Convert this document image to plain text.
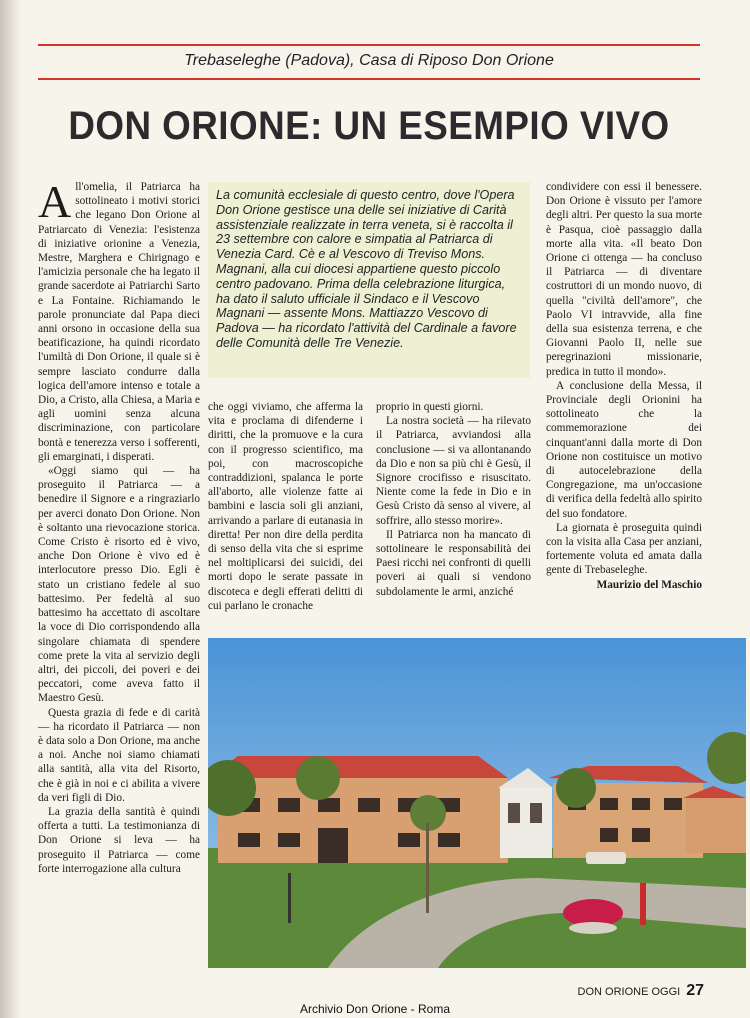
Trebaseleghe (Padova), Casa di Riposo Don Orione
DON ORIONE: UN ESEMPIO VIVO

All'omelia, il Patriarca ha sottolineato i motivi storici che legano Don Orione al Patriarcato di Venezia: l'esistenza di iniziative orionine a Venezia, Mestre, Marghera e Chirignago e l'amicizia personale che ha legato il grande sacerdote ai Patriarchi Sarto e La Fontaine. Richiamando le parole pronunciate dal Papa dieci anni orsono in occasione della sua beatificazione, ha quindi ricordato l'umiltà di Don Orione, il quale si è sempre lasciato condurre dalla logica dell'amore intenso e totale a Dio, a Cristo, alla Chiesa, a Maria e agli uomini senza alcuna discriminazione, con particolare bontà e tenerezza verso i sofferenti, gli emarginati, i disperati.

«Oggi siamo qui — ha proseguito il Patriarca — a benedire il Signore e a ringraziarlo per averci donato Don Orione. Non è soltanto una rievocazione storica. Come Cristo è risorto ed è vivo, anche Don Orione è vivo ed è interlocutore presso Dio. Egli è stato un cristiano fedele al suo battesimo. Per fedeltà al suo battesimo ha accettato di ascoltare la voce di Dio corrispondendo alla singolare chiamata di spendere come prete la vita al servizio degli altri, dei piccoli, dei poveri e dei peccatori, come aveva fatto il Maestro Gesù.

Questa grazia di fede e di carità — ha ricordato il Patriarca — non è data solo a Don Orione, ma anche a noi. Anche noi siamo chiamati alla santità, alla vita del Risorto, che è già in noi e ci abilita a vivere da veri figli di Dio.

La grazia della santità è quindi offerta a tutti. La testimonianza di Don Orione si leva — ha proseguito il Patriarca — come forte interrogazione alla cultura

La comunità ecclesiale di questo centro, dove l'Opera Don Orione gestisce una delle sei iniziative di Carità assistenziale realizzate in terra veneta, si è raccolta il 23 settembre con calore e simpatia al Patriarca di Venezia Card. Cè e al Vescovo di Treviso Mons. Magnani, alla cui diocesi appartiene questo piccolo centro padovano. Prima della celebrazione liturgica, ha dato il saluto ufficiale il Sindaco e il Vescovo Magnani — assente Mons. Mattiazzo Vescovo di Padova — ha ricordato l'attività del Cardinale a favore delle Comunità delle Tre Venezie.

che oggi viviamo, che afferma la vita e proclama di difenderne i diritti, che la promuove e la cura con il progresso scientifico, ma poi, con macroscopiche contraddizioni, spalanca le porte all'aborto, alle violenze fatte ai bambini e lascia soli gli anziani, arrivando a parlare di eutanasia in diretta! Per non dire della perdita di senso della vita che si esprime nel moltiplicarsi dei suicidi, dei morti dopo le serate passate in discoteca e degli efferati delitti di cui parlano le cronache

proprio in questi giorni.

La nostra società — ha rilevato il Patriarca, avviandosi alla conclusione — si va allontanando da Dio e non sa più chi è Gesù, il Signore crocifisso e risuscitato. Niente come la fede in Dio e in Gesù Cristo dà senso al vivere, al soffrire, allo stesso morire».

Il Patriarca non ha mancato di sottolineare le responsabilità dei Paesi ricchi nei confronti di quelli poveri ai quali si vendono subdolamente le armi, anziché

condividere con essi il benessere. Don Orione è vissuto per l'amore degli altri. Per questo la sua morte è Pasqua, cioè passaggio dalla morte alla vita. «Il beato Don Orione ci ottenga — ha concluso il Patriarca — di diventare costruttori di un mondo nuovo, di quella "civiltà dell'amore", che Paolo VI intravvide, alla fine della sua esistenza terrena, e che Giovanni Paolo II, nelle sue peregrinazioni missionarie, predica in tutto il mondo».

A conclusione della Messa, il Provinciale degli Orionini ha sottolineato che la commemorazione dei cinquant'anni dalla morte di Don Orione non costituisce un motivo di autocelebrazione della Congregazione, ma un'occasione di verifica della fedeltà allo spirito del suo fondatore.

La giornata è proseguita quindi con la visita alla Casa per anziani, fortemente voluta ed amata dalla gente di Trebaseleghe.

Maurizio del Maschio

DON ORIONE OGGI 27
Archivio Don Orione - Roma
